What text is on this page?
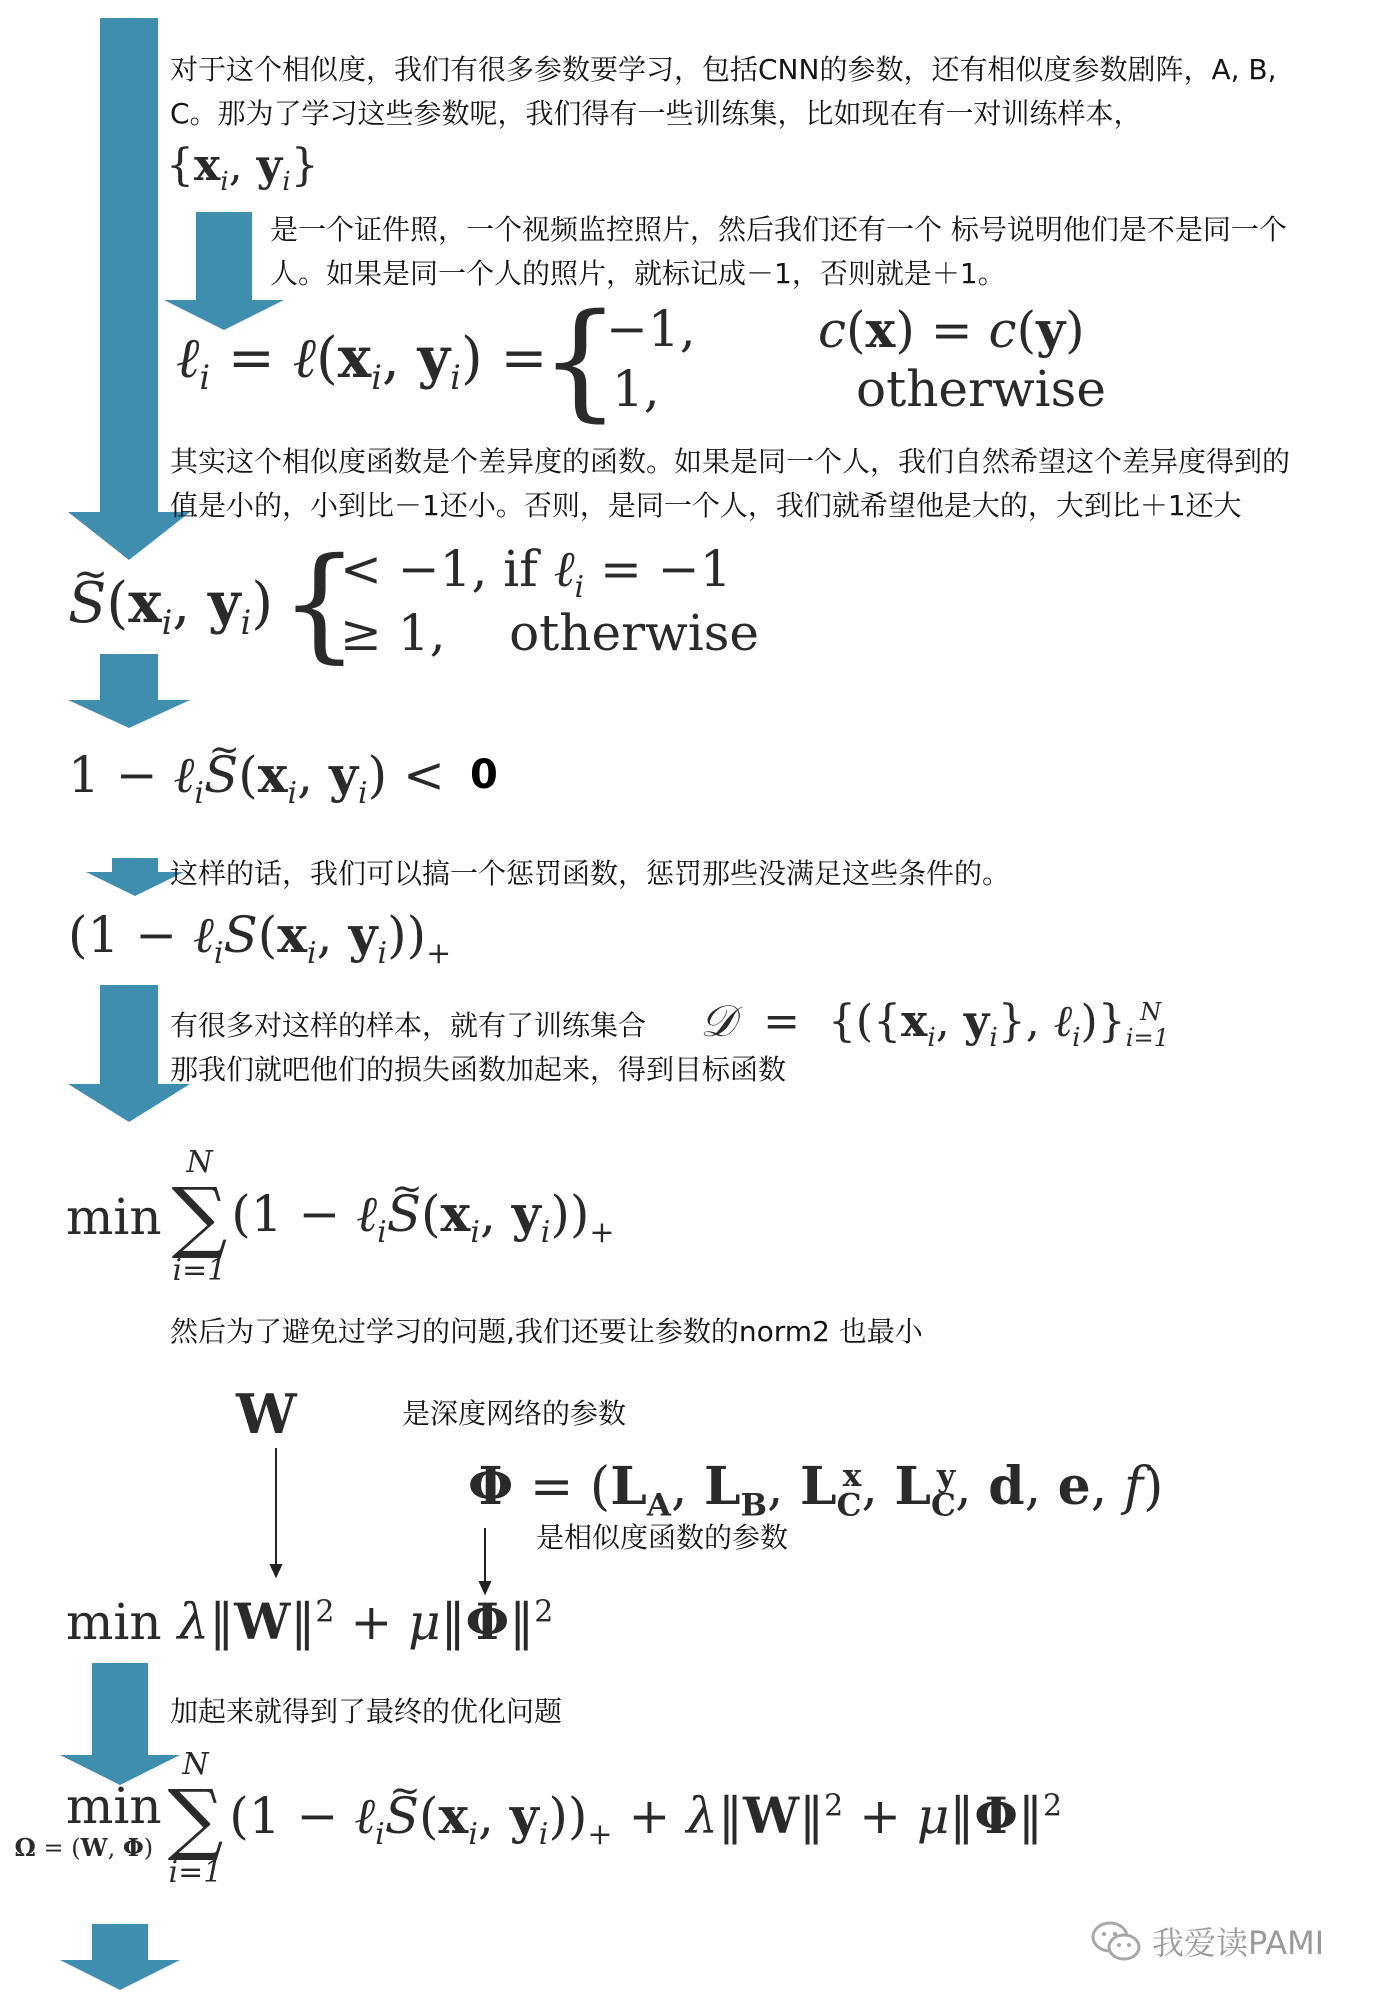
对于这个相似度，我们有很多参数要学习，包括CNN的参数，还有相似度参数剧阵，A, B,
C。那为了学习这些参数呢，我们得有一些训练集，比如现在有一对训练样本，
{$x_i$, $y_i$}
是一个证件照，一个视频监控照片，然后我们还有一个 标号说明他们是不是同一个
人。如果是同一个人的照片，就标记成－1，否则就是＋1。
ℓ$_i$ = $\ell(x_i$, $y_i$) =
{
−1,
1,
c(x) = c(y)
otherwise
其实这个相似度函数是个差异度的函数。如果是同一个人，我们自然希望这个差异度得到的
值是小的，小到比－1还小。否则，是同一个人，我们就希望他是大的，大到比＋1还大
~ $S(x_i$, $y_i$) {
< −1, if ℓ$_i$ = −1
≥ 1,    otherwise
1 − ℓ$_i$~ $S(x_i$, $y_i) < 0$
这样的话，我们可以搞一个惩罚函数，惩罚那些没满足这些条件的。
($1 - \ell_iS(x_i$, $y_i))_+$
有很多对这样的样本，就有了训练集合 𝒟  =  {({$x_i$, $y_i$}, $\ell_i)\}_{i=1}^N$
那我们就吧他们的损失函数加起来，得到目标函数
min
N
∑
i=1
(1 − ℓ$_i$~ $S(x_i$, $y_i))_+$
然后为了避免过学习的问题,我们还要让参数的norm2 也最小
W	是深度网络的参数
$\Phi = (L_A$, $L_B$, $L_C^x$, $L_C^y$, d, e, f)
是相似度函数的参数
min λ‖W‖$^2$ + μ‖Φ‖$^2$
加起来就得到了最终的优化问题
min
Ω = (W, Φ)
N
∑
i=1
(1 − ℓ$_i$~ $S(x_i$, $y_i))_+$ + λ‖W‖$^2$ + μ‖Φ‖$^2$
我爱读PAMI
